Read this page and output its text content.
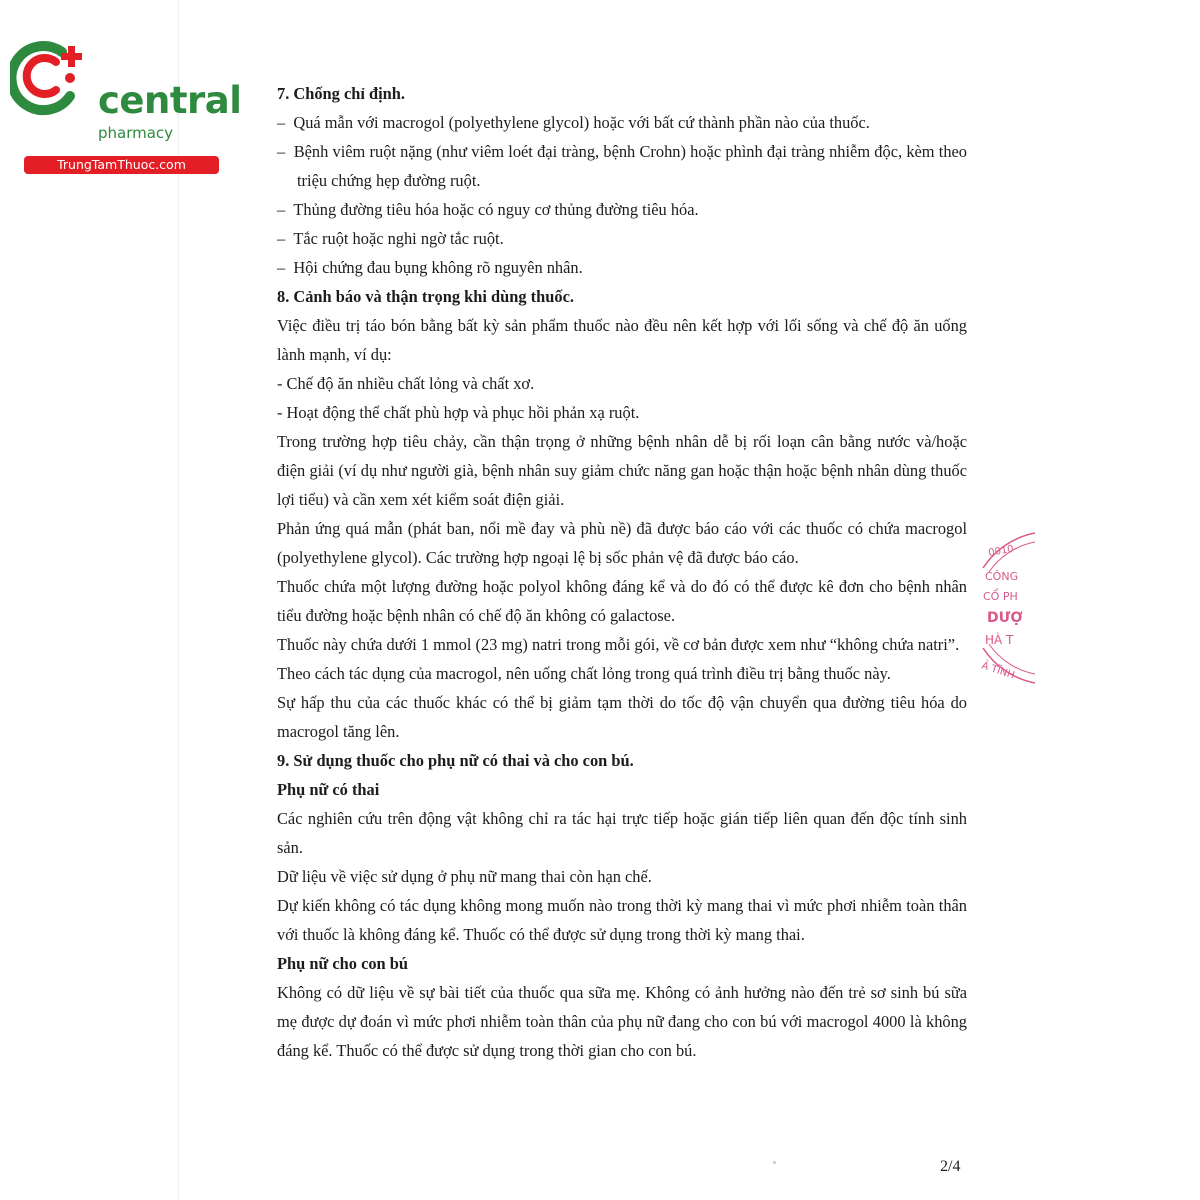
central
pharmacy
TrungTamThuoc.com

7. Chống chỉ định.

–  Quá mẫn với macrogol (polyethylene glycol) hoặc với bất cứ thành phần nào của thuốc.

–  Bệnh viêm ruột nặng (như viêm loét đại tràng, bệnh Crohn) hoặc phình đại tràng nhiễm độc, kèm theo triệu chứng hẹp đường ruột.

–  Thủng đường tiêu hóa hoặc có nguy cơ thủng đường tiêu hóa.

–  Tắc ruột hoặc nghi ngờ tắc ruột.

–  Hội chứng đau bụng không rõ nguyên nhân.

8. Cảnh báo và thận trọng khi dùng thuốc.

Việc điều trị táo bón bằng bất kỳ sản phẩm thuốc nào đều nên kết hợp với lối sống và chế độ ăn uống lành mạnh, ví dụ:

- Chế độ ăn nhiều chất lỏng và chất xơ.

- Hoạt động thể chất phù hợp và phục hồi phản xạ ruột.

Trong trường hợp tiêu chảy, cần thận trọng ở những bệnh nhân dễ bị rối loạn cân bằng nước và/hoặc điện giải (ví dụ như người già, bệnh nhân suy giảm chức năng gan hoặc thận hoặc bệnh nhân dùng thuốc lợi tiểu) và cần xem xét kiểm soát điện giải.

Phản ứng quá mẫn (phát ban, nổi mề đay và phù nề) đã được báo cáo với các thuốc có chứa macrogol (polyethylene glycol). Các trường hợp ngoại lệ bị sốc phản vệ đã được báo cáo.

Thuốc chứa một lượng đường hoặc polyol không đáng kể và do đó có thể được kê đơn cho bệnh nhân tiểu đường hoặc bệnh nhân có chế độ ăn không có galactose.

Thuốc này chứa dưới 1 mmol (23 mg) natri trong mỗi gói, về cơ bản được xem như “không chứa natri”.

Theo cách tác dụng của macrogol, nên uống chất lỏng trong quá trình điều trị bằng thuốc này.

Sự hấp thu của các thuốc khác có thể bị giảm tạm thời do tốc độ vận chuyển qua đường tiêu hóa do macrogol tăng lên.

9. Sử dụng thuốc cho phụ nữ có thai và cho con bú.

Phụ nữ có thai

Các nghiên cứu trên động vật không chỉ ra tác hại trực tiếp hoặc gián tiếp liên quan đến độc tính sinh sản.

Dữ liệu về việc sử dụng ở phụ nữ mang thai còn hạn chế.

Dự kiến không có tác dụng không mong muốn nào trong thời kỳ mang thai vì mức phơi nhiễm toàn thân với thuốc là không đáng kể. Thuốc có thể được sử dụng trong thời kỳ mang thai.

Phụ nữ cho con bú

Không có dữ liệu về sự bài tiết của thuốc qua sữa mẹ. Không có ảnh hưởng nào đến trẻ sơ sinh bú sữa mẹ được dự đoán vì mức phơi nhiễm toàn thân của phụ nữ đang cho con bú với macrogol 4000 là không đáng kể. Thuốc có thể được sử dụng trong thời gian cho con bú.

0010-
CÔNG
CỔ PH
DƯỢ
HÀ T
Ả TĨNH
2/4
